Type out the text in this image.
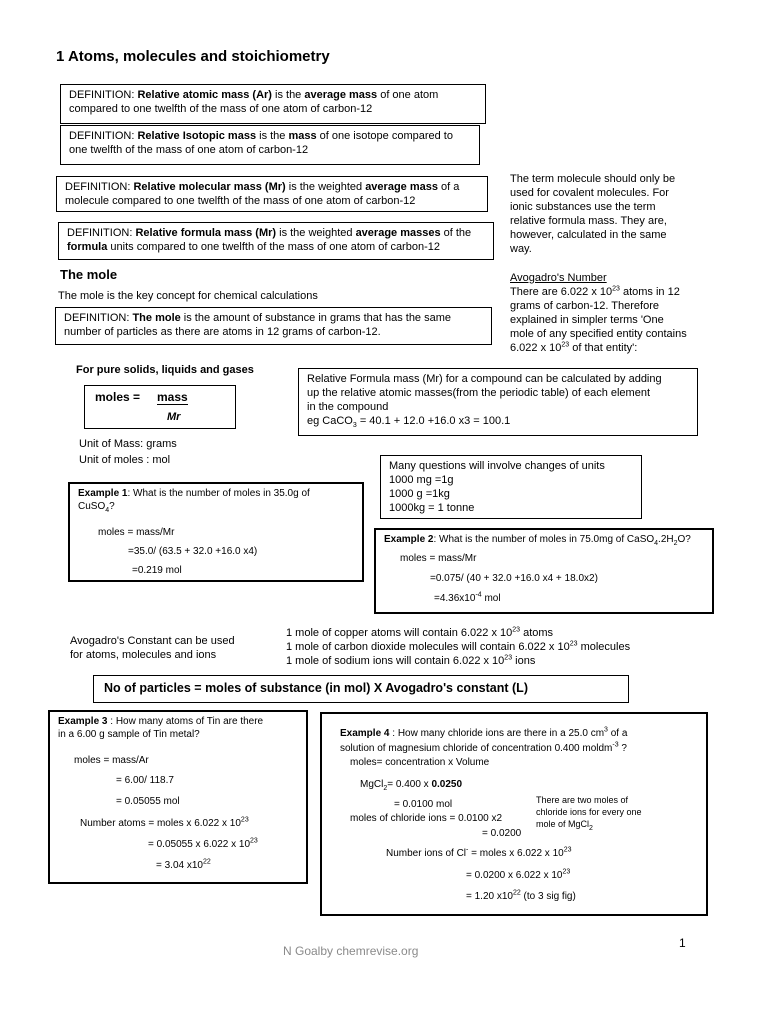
1 Atoms, molecules and stoichiometry
DEFINITION: Relative atomic mass (Ar) is the average mass of one atom
compared to one twelfth of the mass of one atom of carbon-12
DEFINITION: Relative Isotopic mass is the mass of one isotope compared to
one twelfth of the mass of one atom of carbon-12
DEFINITION: Relative molecular mass (Mr) is the weighted average mass of a
molecule compared to one twelfth of the mass of one atom of carbon-12
DEFINITION: Relative formula mass (Mr) is the weighted average masses of the
formula units compared to one twelfth of the mass of one atom of carbon-12
The term molecule should only be
used for covalent molecules. For
ionic substances use the term
relative formula mass. They are,
however, calculated in the same
way.
The mole
The mole is the key concept for chemical calculations
Avogadro's Number
There are 6.022 x $10^{23}$ atoms in 12
grams of carbon-12. Therefore
explained in simpler terms 'One
mole of any specified entity contains
6.022 x $10^{23}$ of that entity':
DEFINITION: The mole is the amount of substance in grams that has the same
number of particles as there are atoms in 12 grams of carbon-12.
For pure solids, liquids and gases
moles = mass
Mr
Unit of Mass: grams
Unit of moles : mol
Relative Formula mass (Mr) for a compound can be calculated by adding
up the relative atomic masses(from the periodic table) of each element
in the compound
eg CaCO$_3$ = 40.1 + 12.0 +16.0 x3 = 100.1
Many questions will involve changes of units
1000 mg =1g
1000 g =1kg
1000kg = 1 tonne
Example 1: What is the number of moles in 35.0g of
CuSO$_4$?
moles = mass/Mr
=35.0/ (63.5 + 32.0 +16.0 x4)
=0.219 mol
Example 2: What is the number of moles in 75.0mg of $CaSO_4.2H_2O$?
moles = mass/Mr
=0.075/ (40 + 32.0 +16.0 x4 + 18.0x2)
$=4.36x10^{-4}$ mol
Avogadro's Constant can be used
for atoms, molecules and ions
1 mole of copper atoms will contain 6.022 x $10^{23}$ atoms
1 mole of carbon dioxide molecules will contain 6.022 x $10^{23}$ molecules
1 mole of sodium ions will contain 6.022 x $10^{23}$ ions
No of particles = moles of substance (in mol) X Avogadro's constant (L)
Example 3 : How many atoms of Tin are there
in a 6.00 g sample of Tin metal?
moles = mass/Ar
= 6.00/ 118.7
= 0.05055 mol
Number atoms = moles x 6.022 x $10^{23}$
= 0.05055 x 6.022 x $10^{23}$
= 3.04 $x10^{22}$
Example 4 : How many chloride ions are there in a 25.0 $cm^3$ of a
solution of magnesium chloride of concentration 0.400 moldm$^{-3}$ ?
moles= concentration x Volume
MgCl$_2$= 0.400 x 0.0250
= 0.0100 mol
moles of chloride ions = 0.0100 x2
= 0.0200
Number ions of Cl- = moles x 6.022 x $10^{23}$
= 0.0200 x 6.022 x $10^{23}$
= 1.20 $x10^{22}$ (to 3 sig fig)
There are two moles of
chloride ions for every one
mole of MgCl$_2$
1
N Goalby chemrevise.org
